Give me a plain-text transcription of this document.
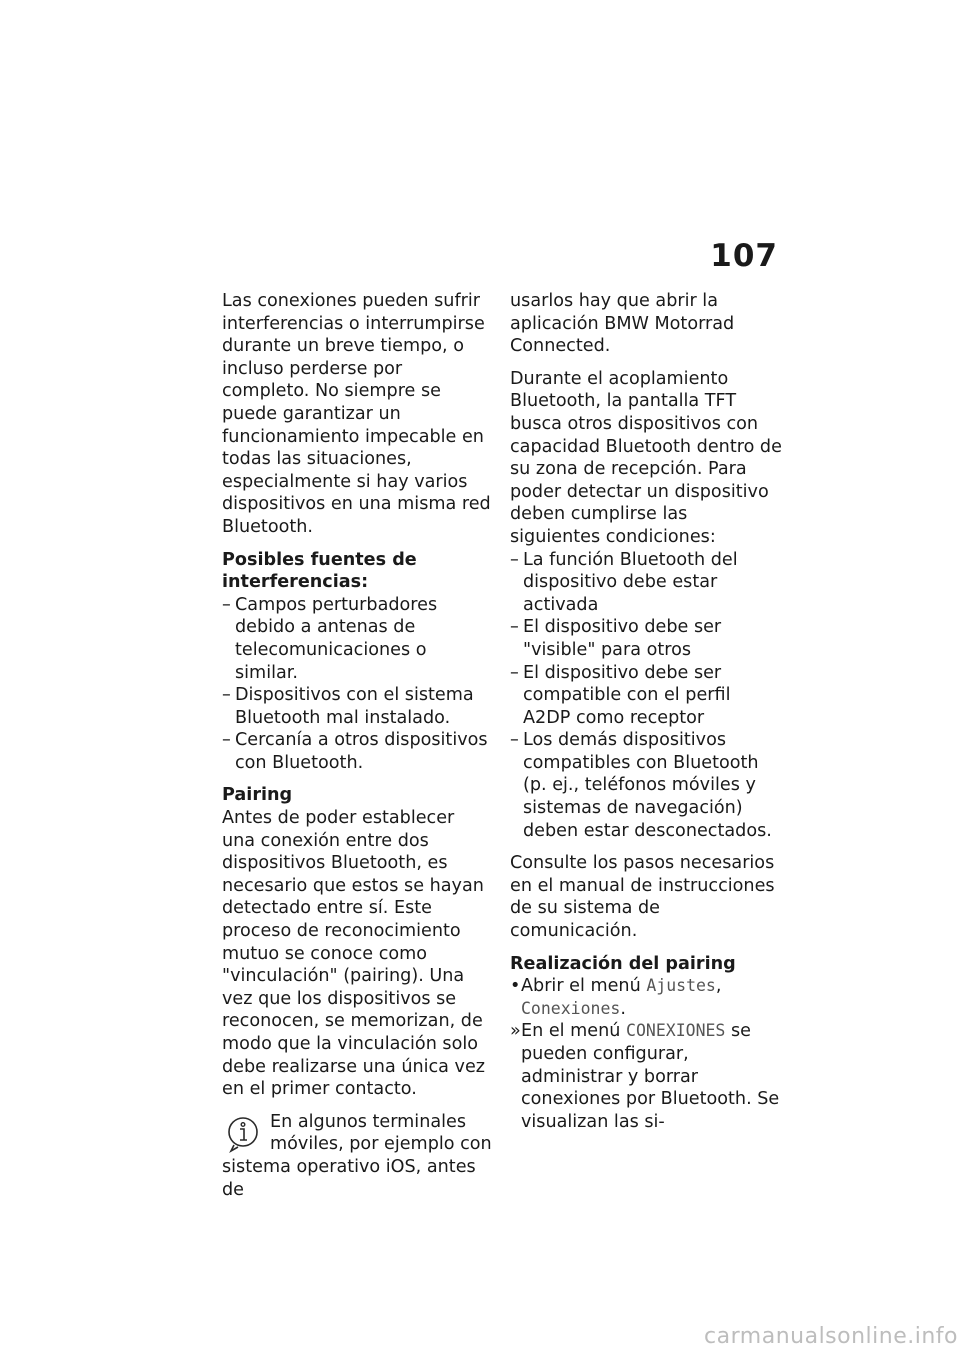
107

Las conexiones pueden sufrir interferencias o interrumpirse durante un breve tiempo, o incluso perderse por completo. No siempre se puede garantizar un funcionamiento impecable en todas las situaciones, especialmente si hay varios dispositivos en una misma red Bluetooth.

Posibles fuentes de interferencias:

– Campos perturbadores debido a antenas de telecomunicaciones o similar.

– Dispositivos con el sistema Bluetooth mal instalado.

– Cercanía a otros dispositivos con Bluetooth.

Pairing

Antes de poder establecer una conexión entre dos dispositivos Bluetooth, es necesario que estos se hayan detectado entre sí. Este proceso de reconocimiento mutuo se conoce como "vinculación" (pairing). Una vez que los dispositivos se reconocen, se memorizan, de modo que la vinculación solo debe realizarse una única vez en el primer contacto.

En algunos terminales móviles, por ejemplo con sistema operativo iOS, antes de

usarlos hay que abrir la aplicación BMW Motorrad Connected.

Durante el acoplamiento Bluetooth, la pantalla TFT busca otros dispositivos con capacidad Bluetooth dentro de su zona de recepción. Para poder detectar un dispositivo deben cumplirse las siguientes condiciones:

– La función Bluetooth del dispositivo debe estar activada

– El dispositivo debe ser "visible" para otros

– El dispositivo debe ser compatible con el perfil A2DP como receptor

– Los demás dispositivos compatibles con Bluetooth (p. ej., teléfonos móviles y sistemas de navegación) deben estar desconectados.

Consulte los pasos necesarios en el manual de instrucciones de su sistema de comunicación.

Realización del pairing

• Abrir el menú Ajustes, Conexiones.

» En el menú CONEXIONES se pueden configurar, administrar y borrar conexiones por Bluetooth. Se visualizan las si-

carmanualsonline.info
